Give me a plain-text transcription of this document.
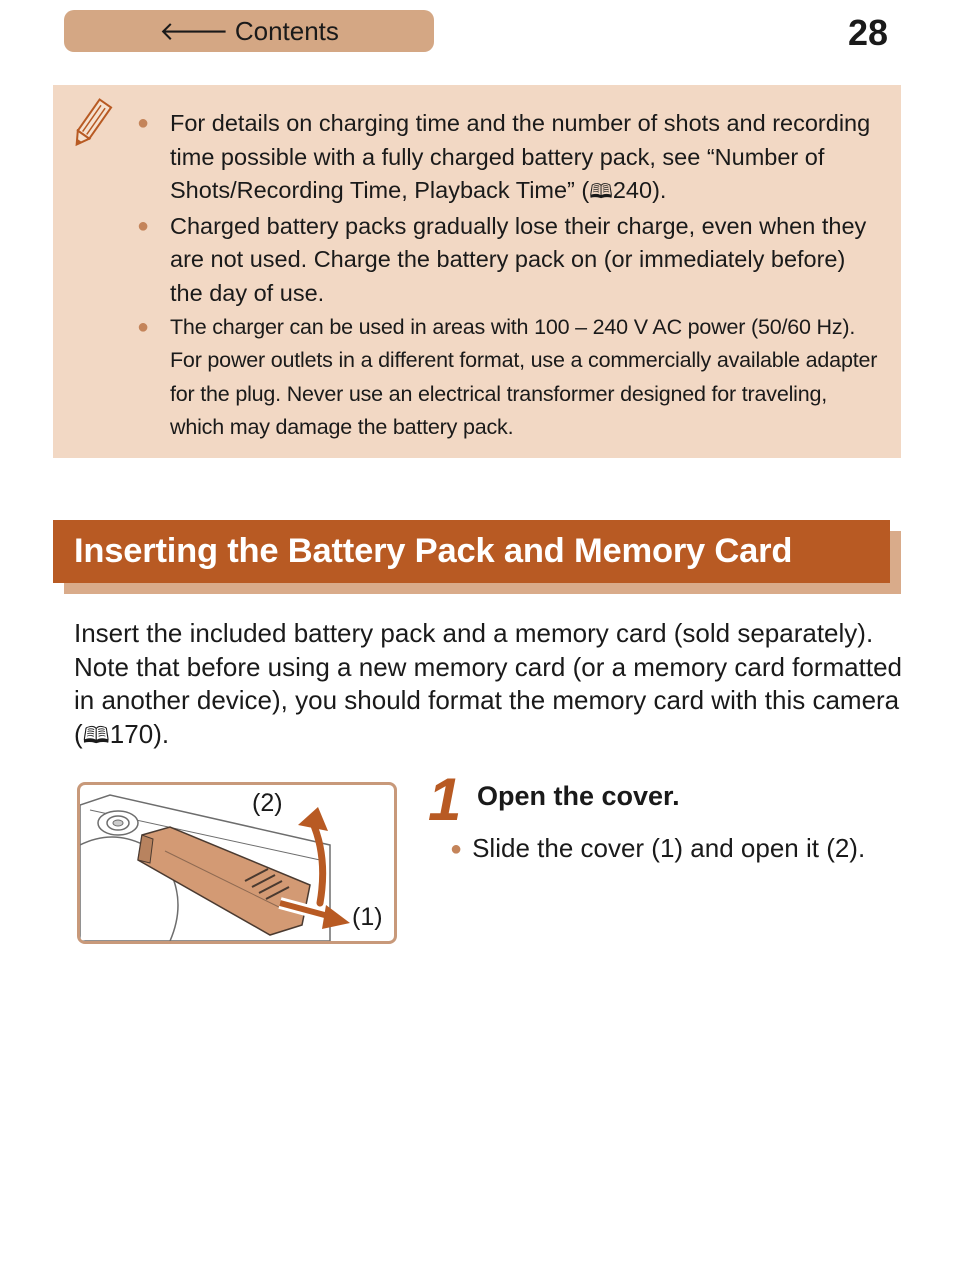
🡐 Contents	28
● For details on charging time and the number of shots and recording time possible with a fully charged battery pack, see “Number of Shots/Recording Time, Playback Time” (🕮240).
● Charged battery packs gradually lose their charge, even when they are not used. Charge the battery pack on (or immediately before) the day of use.
● The charger can be used in areas with 100 – 240 V AC power (50/60 Hz). For power outlets in a different format, use a commercially available adapter for the plug. Never use an electrical transformer designed for traveling, which may damage the battery pack.
Inserting the Battery Pack and Memory Card

Insert the included battery pack and a memory card (sold separately). Note that before using a new memory card (or a memory card formatted in another device), you should format the memory card with this camera (🕮170).

(2)
(1)
1 Open the cover.
● Slide the cover (1) and open it (2).
